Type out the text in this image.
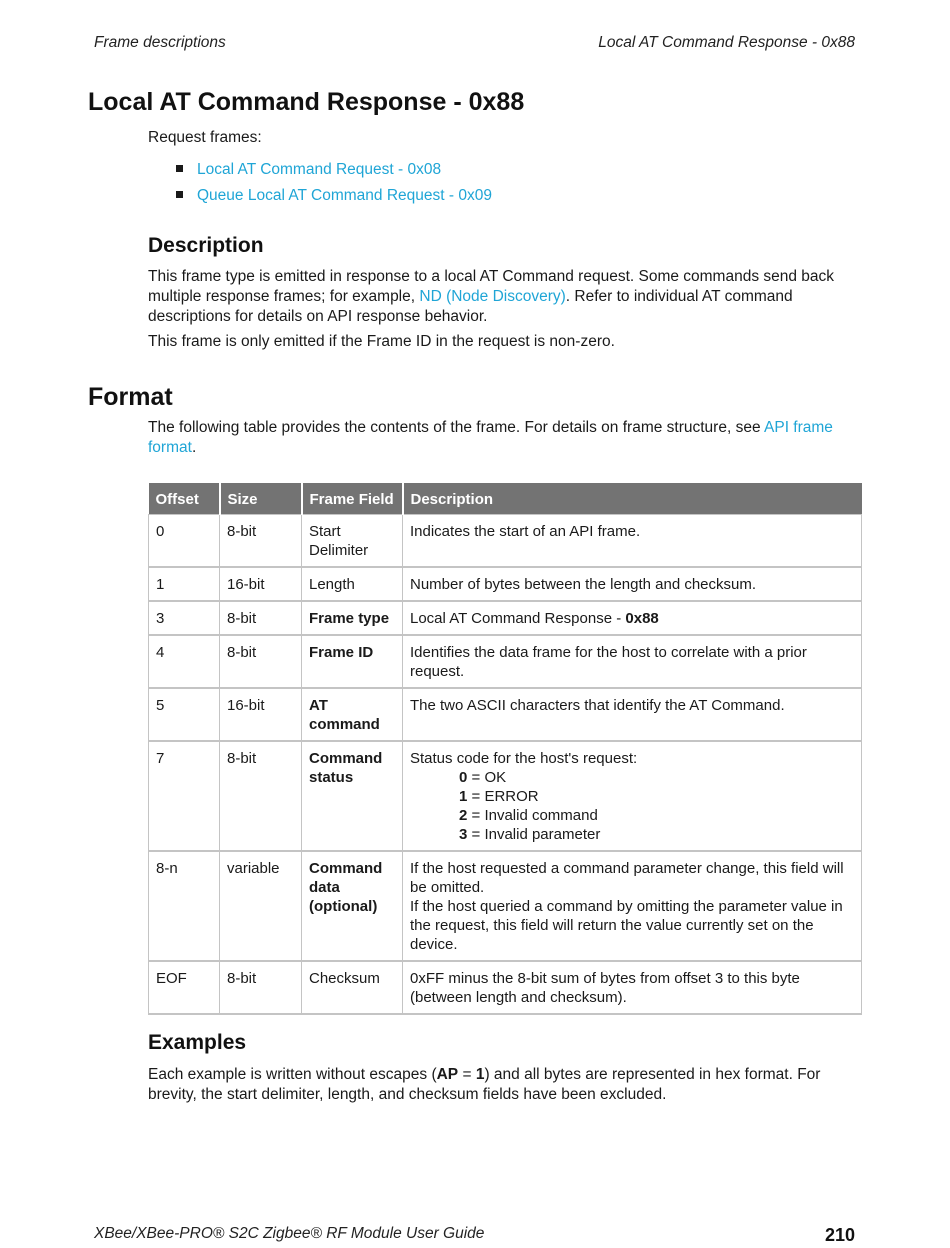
Frame descriptions	Local AT Command Response - 0x88
Local AT Command Response - 0x88
Request frames:
Local AT Command Request - 0x08
Queue Local AT Command Request - 0x09
Description
This frame type is emitted in response to a local AT Command request. Some commands send back multiple response frames; for example, ND (Node Discovery). Refer to individual AT command descriptions for details on API response behavior.
This frame is only emitted if the Frame ID in the request is non-zero.
Format
The following table provides the contents of the frame. For details on frame structure, see API frame format.
Offset	Size	Frame Field	Description
0	8-bit	Start Delimiter	Indicates the start of an API frame.
1	16-bit	Length	Number of bytes between the length and checksum.
3	8-bit	Frame type	Local AT Command Response - 0x88
4	8-bit	Frame ID	Identifies the data frame for the host to correlate with a prior request.
5	16-bit	AT command	The two ASCII characters that identify the AT Command.
7	8-bit	Command status	Status code for the host's request:
0 = OK
1 = ERROR
2 = Invalid command
3 = Invalid parameter

8-n	variable	Command data (optional)	If the host requested a command parameter change, this field will be omitted.
If the host queried a command by omitting the parameter value in the request, this field will return the value currently set on the device.

EOF	8-bit	Checksum	0xFF minus the 8-bit sum of bytes from offset 3 to this byte (between length and checksum).
Examples
Each example is written without escapes (AP = 1) and all bytes are represented in hex format. For brevity, the start delimiter, length, and checksum fields have been excluded.
XBee/XBee-PRO® S2C Zigbee® RF Module User Guide	210
